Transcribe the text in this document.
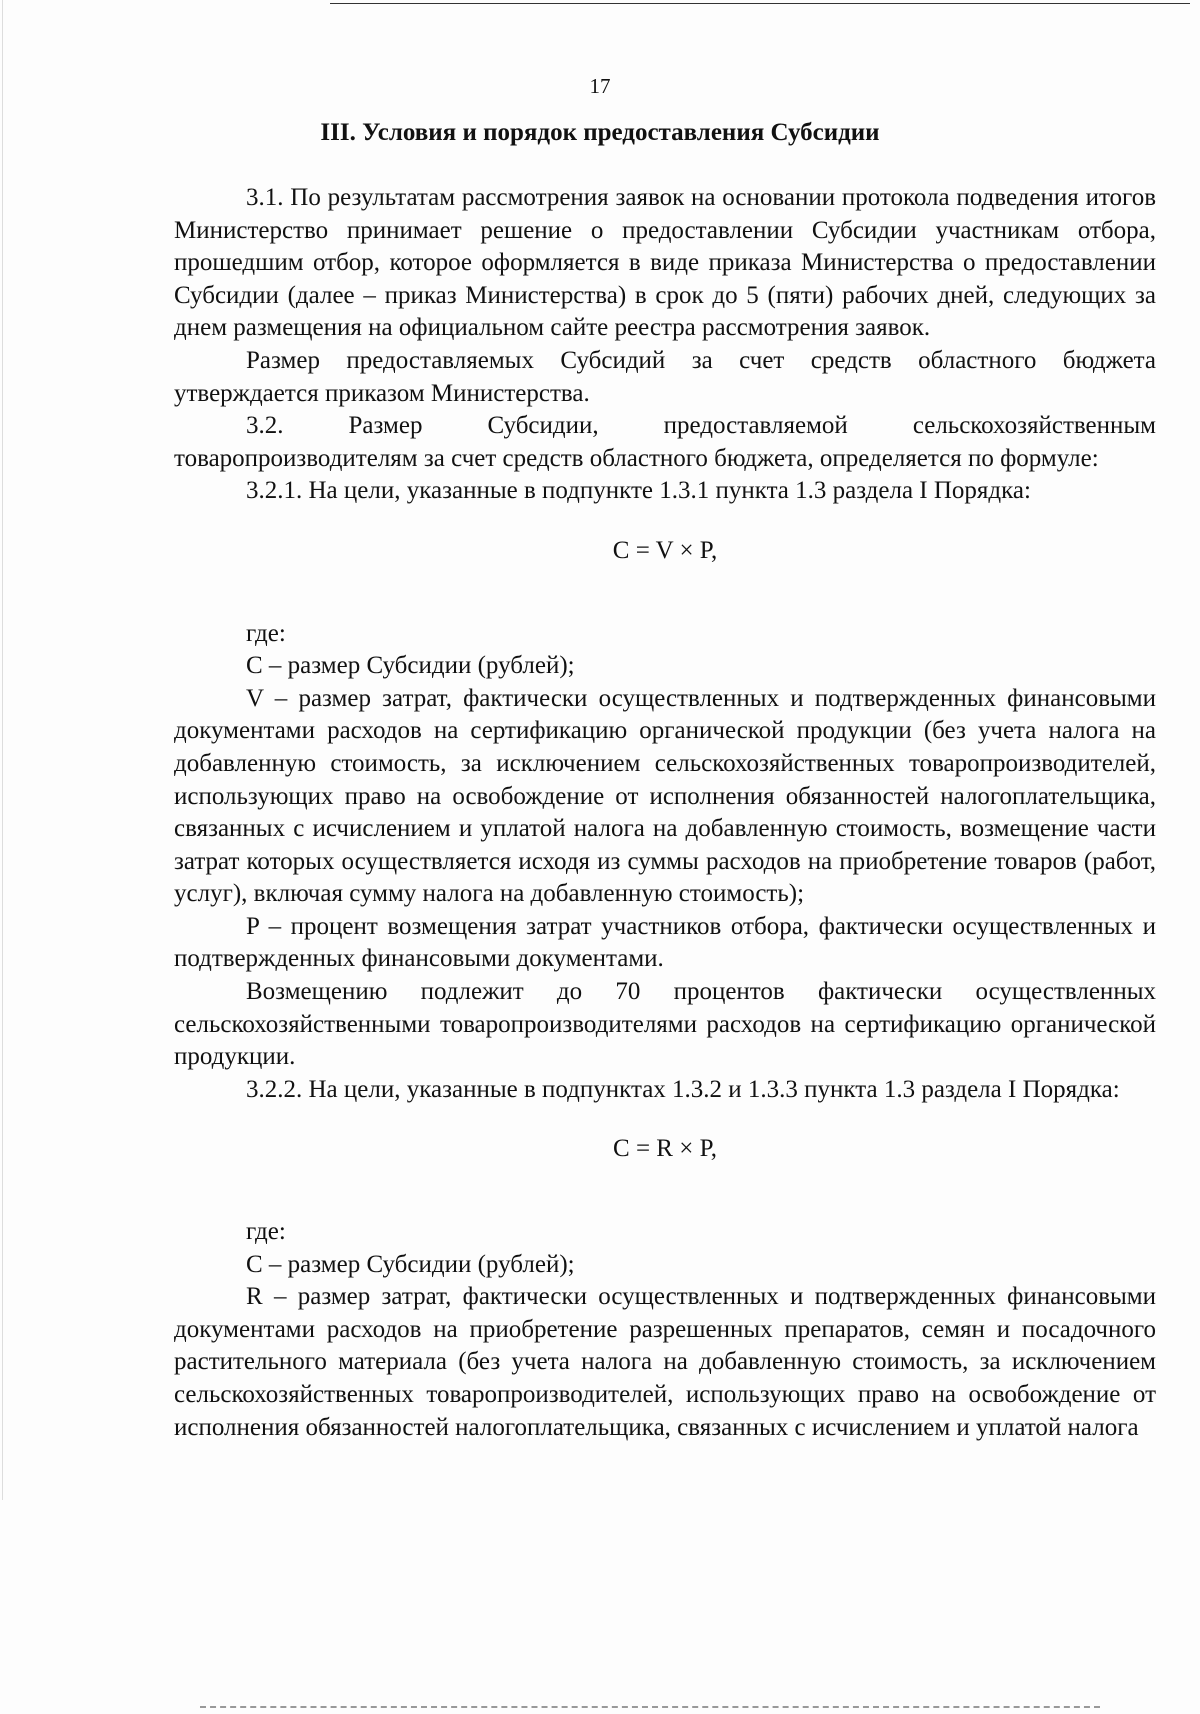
17
III. Условия и порядок предоставления Субсидии

3.1. По результатам рассмотрения заявок на основании протокола подведения итогов Министерство принимает решение о предоставлении Субсидии участникам отбора, прошедшим отбор, которое оформляется в виде приказа Министерства о предоставлении Субсидии (далее – приказ Министерства) в срок до 5 (пяти) рабочих дней, следующих за днем размещения на официальном сайте реестра рассмотрения заявок.

Размер предоставляемых Субсидий за счет средств областного бюджета утверждается приказом Министерства.

3.2. Размер Субсидии, предоставляемой сельскохозяйственным товаропроизводителям за счет средств областного бюджета, определяется по формуле:

3.2.1. На цели, указанные в подпункте 1.3.1 пункта 1.3 раздела I Порядка:

C = V × P,

где:

C – размер Субсидии (рублей);

V – размер затрат, фактически осуществленных и подтвержденных финансовыми документами расходов на сертификацию органической продукции (без учета налога на добавленную стоимость, за исключением сельскохозяйственных товаропроизводителей, использующих право на освобождение от исполнения обязанностей налогоплательщика, связанных с исчислением и уплатой налога на добавленную стоимость, возмещение части затрат которых осуществляется исходя из суммы расходов на приобретение товаров (работ, услуг), включая сумму налога на добавленную стоимость);

P – процент возмещения затрат участников отбора, фактически осуществленных и подтвержденных финансовыми документами.

Возмещению подлежит до 70 процентов фактически осуществленных сельскохозяйственными товаропроизводителями расходов на сертификацию органической продукции.

3.2.2. На цели, указанные в подпунктах 1.3.2 и 1.3.3 пункта 1.3 раздела I Порядка:

C = R × P,

где:

C – размер Субсидии (рублей);

R – размер затрат, фактически осуществленных и подтвержденных финансовыми документами расходов на приобретение разрешенных препаратов, семян и посадочного растительного материала (без учета налога на добавленную стоимость, за исключением сельскохозяйственных товаропроизводителей, использующих право на освобождение от исполнения обязанностей налогоплательщика, связанных с исчислением и уплатой налога
